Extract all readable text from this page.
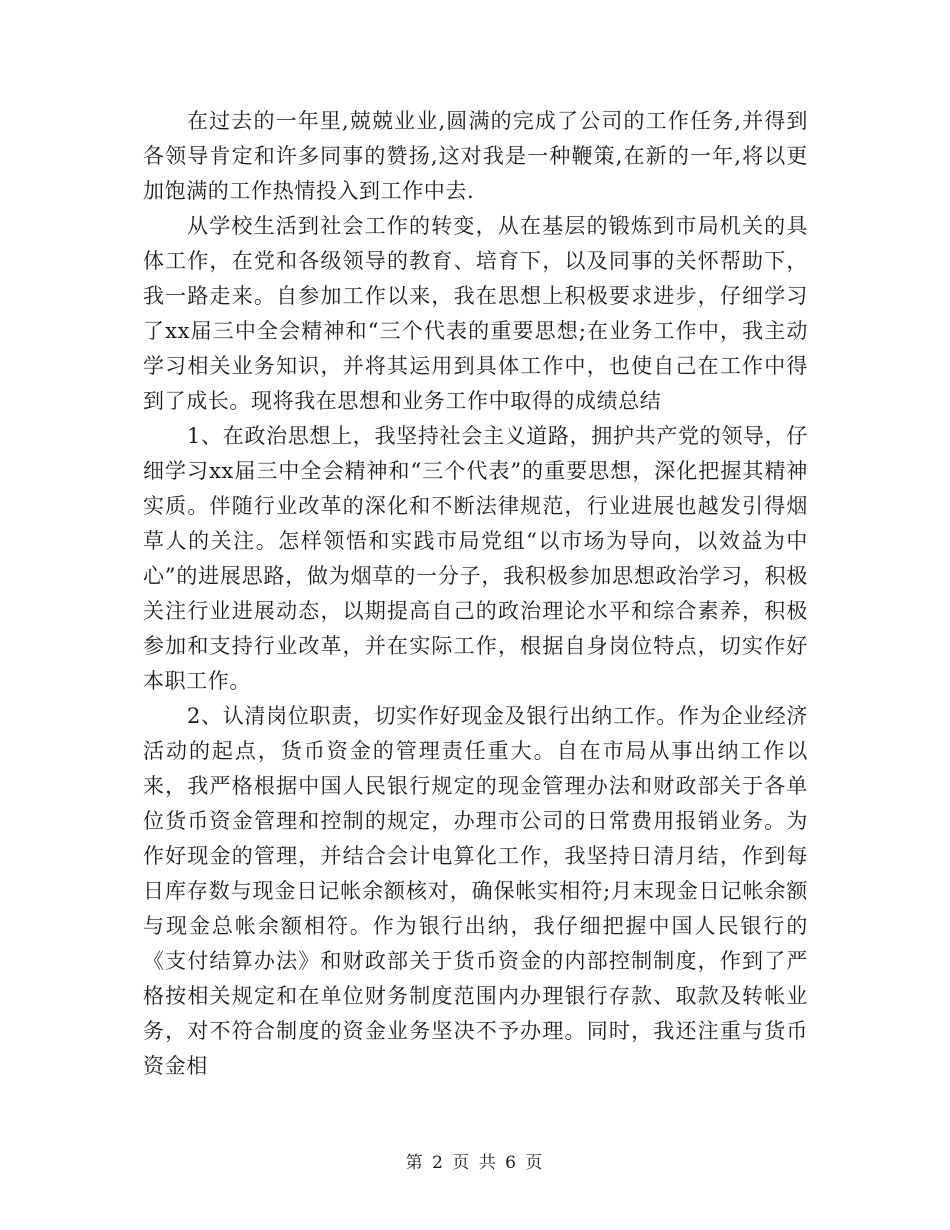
在过去的一年里,兢兢业业,圆满的完成了公司的工作任务,并得到各领导肯定和许多同事的赞扬,这对我是一种鞭策,在新的一年,将以更加饱满的工作热情投入到工作中去.

从学校生活到社会工作的转变，从在基层的锻炼到市局机关的具体工作，在党和各级领导的教育、培育下，以及同事的关怀帮助下，我一路走来。自参加工作以来，我在思想上积极要求进步，仔细学习了xx届三中全会精神和“三个代表的重要思想;在业务工作中，我主动学习相关业务知识，并将其运用到具体工作中，也使自己在工作中得到了成长。现将我在思想和业务工作中取得的成绩总结

1、在政治思想上，我坚持社会主义道路，拥护共产党的领导，仔细学习xx届三中全会精神和“三个代表”的重要思想，深化把握其精神实质。伴随行业改革的深化和不断法律规范，行业进展也越发引得烟草人的关注。怎样领悟和实践市局党组“以市场为导向，以效益为中心”的进展思路，做为烟草的一分子，我积极参加思想政治学习，积极关注行业进展动态，以期提高自己的政治理论水平和综合素养，积极参加和支持行业改革，并在实际工作，根据自身岗位特点，切实作好本职工作。

2、认清岗位职责，切实作好现金及银行出纳工作。作为企业经济活动的起点，货币资金的管理责任重大。自在市局从事出纳工作以来，我严格根据中国人民银行规定的现金管理办法和财政部关于各单位货币资金管理和控制的规定，办理市公司的日常费用报销业务。为作好现金的管理，并结合会计电算化工作，我坚持日清月结，作到每日库存数与现金日记帐余额核对，确保帐实相符;月末现金日记帐余额与现金总帐余额相符。作为银行出纳，我仔细把握中国人民银行的《支付结算办法》和财政部关于货币资金的内部控制制度，作到了严格按相关规定和在单位财务制度范围内办理银行存款、取款及转帐业务，对不符合制度的资金业务坚决不予办理。同时，我还注重与货币资金相

第 2 页 共 6 页
